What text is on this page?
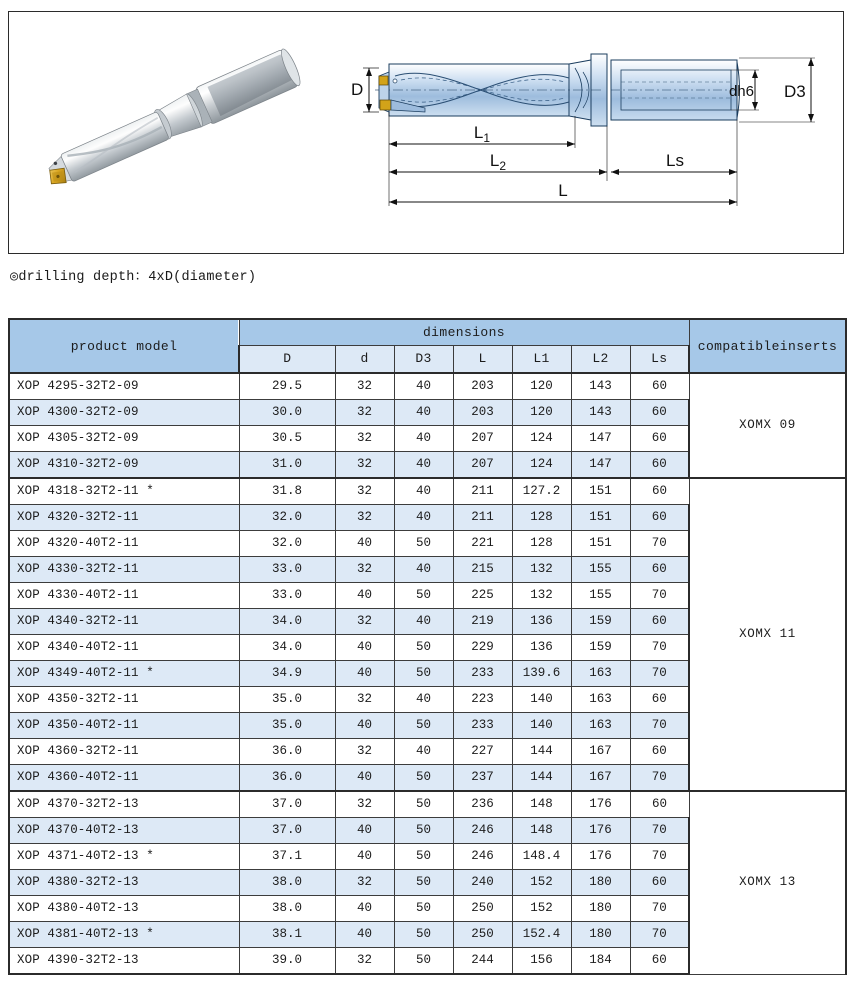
D	dh6 D3
$L_1$
$L_2$	Ls
L
◎drilling depth：4xD(diameter)
product model	dimensions							compatibleinserts
	D	d	D3	L	L1	L2	Ls	
XOP 4295-32T2-09	29.5	32	40	203	120	143	60	XOMX 09
XOP 4300-32T2-09	30.0	32	40	203	120	143	60	
XOP 4305-32T2-09	30.5	32	40	207	124	147	60	
XOP 4310-32T2-09	31.0	32	40	207	124	147	60	
XOP 4318-32T2-11 *	31.8	32	40	211	127.2	151	60	XOMX 11
XOP 4320-32T2-11	32.0	32	40	211	128	151	60	
XOP 4320-40T2-11	32.0	40	50	221	128	151	70	
XOP 4330-32T2-11	33.0	32	40	215	132	155	60	
XOP 4330-40T2-11	33.0	40	50	225	132	155	70	
XOP 4340-32T2-11	34.0	32	40	219	136	159	60	
XOP 4340-40T2-11	34.0	40	50	229	136	159	70	
XOP 4349-40T2-11 *	34.9	40	50	233	139.6	163	70	
XOP 4350-32T2-11	35.0	32	40	223	140	163	60	
XOP 4350-40T2-11	35.0	40	50	233	140	163	70	
XOP 4360-32T2-11	36.0	32	40	227	144	167	60	
XOP 4360-40T2-11	36.0	40	50	237	144	167	70	
XOP 4370-32T2-13	37.0	32	50	236	148	176	60	XOMX 13
XOP 4370-40T2-13	37.0	40	50	246	148	176	70	
XOP 4371-40T2-13 *	37.1	40	50	246	148.4	176	70	
XOP 4380-32T2-13	38.0	32	50	240	152	180	60	
XOP 4380-40T2-13	38.0	40	50	250	152	180	70	
XOP 4381-40T2-13 *	38.1	40	50	250	152.4	180	70	
XOP 4390-32T2-13	39.0	32	50	244	156	184	60	
